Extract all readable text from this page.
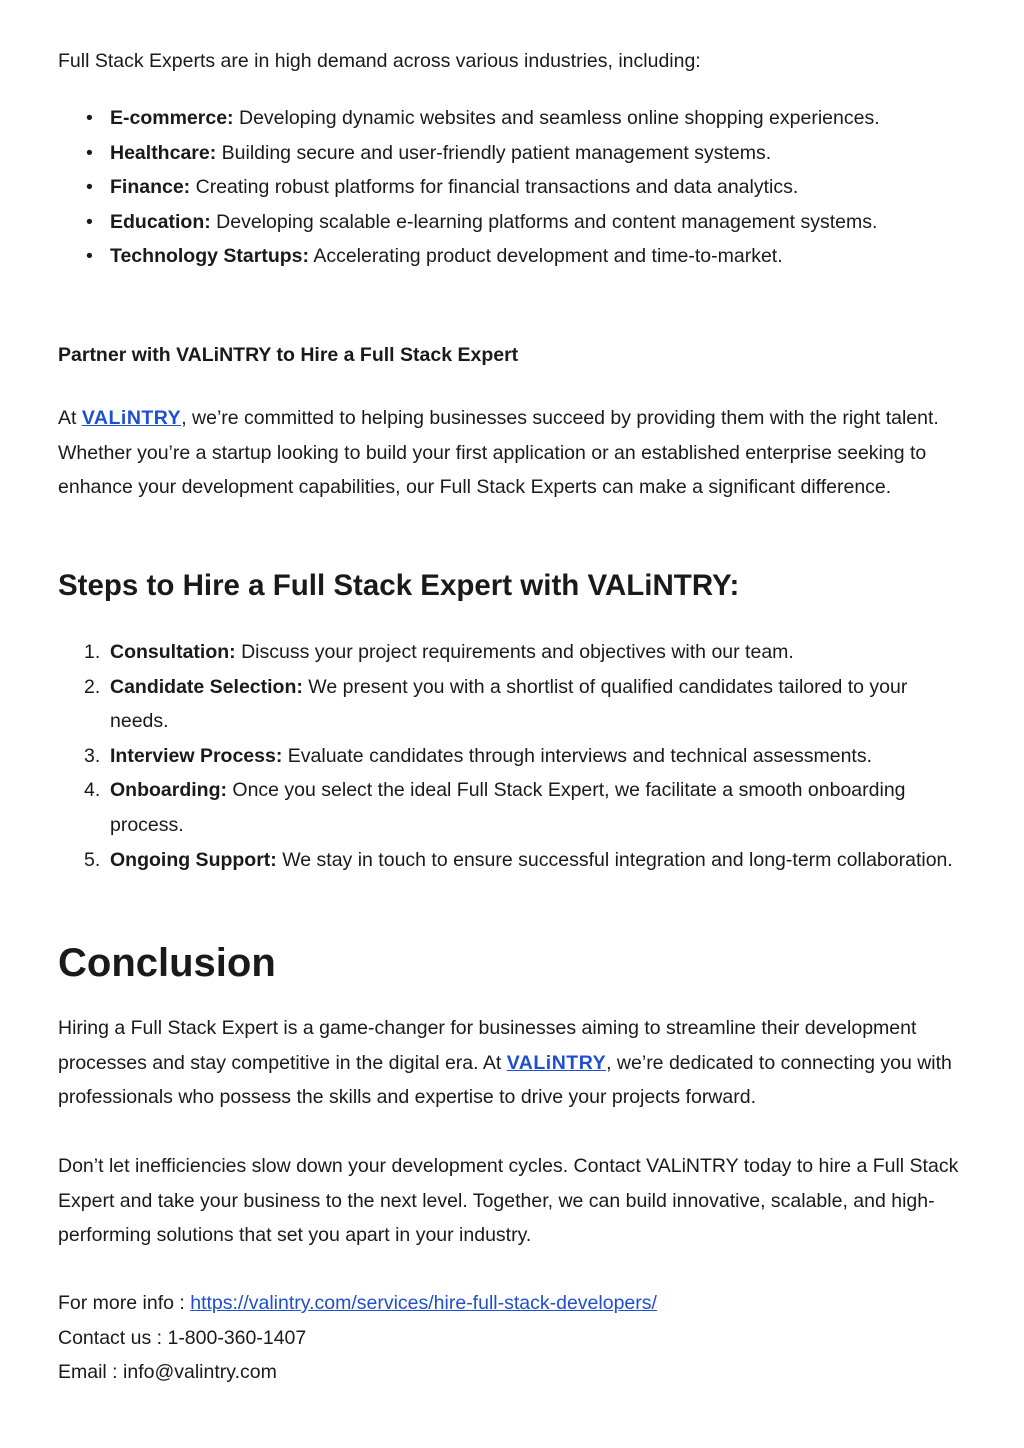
Full Stack Experts are in high demand across various industries, including:

• E-commerce: Developing dynamic websites and seamless online shopping experiences.
• Healthcare: Building secure and user-friendly patient management systems.
• Finance: Creating robust platforms for financial transactions and data analytics.
• Education: Developing scalable e-learning platforms and content management systems.
• Technology Startups: Accelerating product development and time-to-market.
Partner with VALiNTRY to Hire a Full Stack Expert

At VALiNTRY, we’re committed to helping businesses succeed by providing them with the right talent. Whether you’re a startup looking to build your first application or an established enterprise seeking to enhance your development capabilities, our Full Stack Experts can make a significant difference.

Steps to Hire a Full Stack Expert with VALiNTRY:
1. Consultation: Discuss your project requirements and objectives with our team.
2. Candidate Selection: We present you with a shortlist of qualified candidates tailored to your needs.
3. Interview Process: Evaluate candidates through interviews and technical assessments.
4. Onboarding: Once you select the ideal Full Stack Expert, we facilitate a smooth onboarding process.
5. Ongoing Support: We stay in touch to ensure successful integration and long-term collaboration.
Conclusion

Hiring a Full Stack Expert is a game-changer for businesses aiming to streamline their development processes and stay competitive in the digital era. At VALiNTRY, we’re dedicated to connecting you with professionals who possess the skills and expertise to drive your projects forward.

Don’t let inefficiencies slow down your development cycles. Contact VALiNTRY today to hire a Full Stack Expert and take your business to the next level. Together, we can build innovative, scalable, and high-performing solutions that set you apart in your industry.

For more info : https://valintry.com/services/hire-full-stack-developers/
Contact us : 1-800-360-1407
Email : info@valintry.com
